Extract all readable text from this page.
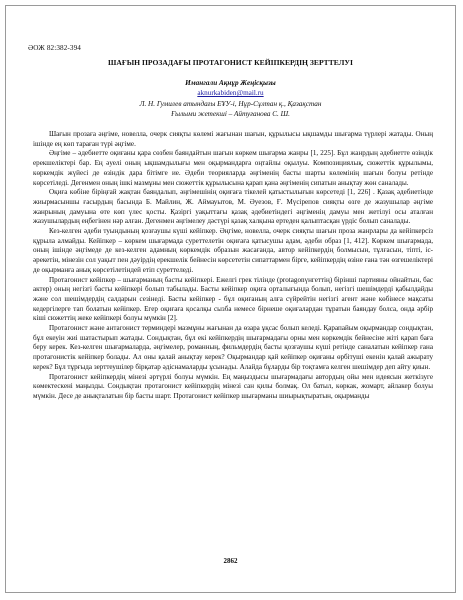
ӘОЖ 82:382-394
ШАҒЫН ПРОЗАДАҒЫ ПРОТАГОНИСТ КЕЙІПКЕРДІҢ ЗЕРТТЕЛУІ
Имангали Ақнұр Жеңісқызы
aknurkabiden@mail.ru
Л. Н. Гумилев атындағы ЕҰУ-і, Нұр-Сұлтан қ., Қазақстан
Ғылыми жетекші – Айтуғанова С. Ш.

Шағын прозаға әңгіме, новелла, очерк сияқты көлемі жағынан шағын, құрылысы ықшамды шығарма түрлері жатады. Оның ішінде ең көп тараған түрі әңгіме.

Әңгіме – әдебиетте оқиғаны қара сөзбен баяндайтын шағын көркем шығарма жанры [1, 225]. Бұл жанрдың әдебиетте өзіндік ерекшеліктері бар. Ең әуелі оның ықшамдылығы мен оқырмандарға оңтайлы оқылуы. Композициялық, сюжеттік құрылымы, көркемдік жүйесі де өзіндік дара бітімге ие. Әдеби теорияларда әңгіменің басты шарты көлемінің шағын болуы ретінде көрсетіледі. Дегенмен оның ішкі мазмұны мен сюжеттік құрылысына қарап қана әңгіменің сипатын анықтау жөн саналады.

Оқиға көбіне біріңғай жақтан баяндалып, әңгімешінің оқиғаға тікелей қатыстылығын көрсетеді [1, 226] . Қазақ әдебиетінде жиырмасыншы ғасырдың басында Б. Майлин, Ж. Аймауытов, М. Әуезов, Ғ. Мүсірепов сияқты өзге де жазушылар әңгіме жанрының дамуына өте көп үлес қосты. Қазіргі уақыттағы қазақ әдебиетіндегі әңгіменің дамуы мен жетілуі осы аталған жазушылардың еңбегінен нәр алған. Дегенмен әңгімелеу дәстүрі қазақ халқына ертеден қалыптасқан үрдіс болып саналады.

Кез-келген әдеби туындының қозғаушы күші кейіпкер. Әңгіме, новелла, очерк сияқты шағын проза жанрлары да кейіпкерсіз құрыла алмайды. Кейіпкер – көркем шығармада суреттелетін оқиғаға қатысушы адам, әдеби образ [1, 412]. Көркем шығармада, оның ішінде әңгімеде де кез-келген адамның көркемдік образын жасағанда, автор кейіпкердің болмысын, тұлғасын, тіпті, іс-әрекетін, мінезін сол уақыт пен дәуірдің ерекшелік бейнесін көрсететін сипаттармен бірге, кейіпкердің өзіне ғана тән өзгешеліктері де оқырманға анық көрсетілетіндей етіп суреттеледі.

Протагонист кейіпкер – шығарманың басты кейіпкері. Ежелгі грек тілінде (protagonүнгеттің) бірінші партияны ойнайтын, бас актер) оның негізгі басты кейіпкері болып табылады. Басты кейіпкер оқиға орталығында болып, негізгі шешімдерді қабылдайды және сол шешімдердің салдарын сезінеді. Басты кейіпкер - бұл оқиғаның алға сүйрейтін негізгі агент және көбінесе мақсаты кедергілерге тап болатын кейіпкер. Егер оқиғаға қосалқы сызба немесе бірнеше оқиғалардан тұратын баяндау болса, онда әрбір кіші сюжеттің жеке кейіпкері болуы мүмкін [2].

Протагонист және антагонист терминдері мазмұны жағынан да өзара ұқсас болып келеді. Қарапайым оқырмандар сондықтан, бұл екеуін жиі шатастырып жатады. Сондықтан, бұл екі кейіпкердің шығармадағы орны мен көркемдік бейнесіне жіті қарап баға беру керек. Кез-келген шығармаларда, әңгімелер, романның, фильмдердің басты қозғаушы күші ретінде саналатын кейіпкер ғана протагонистік кейіпкер болады. Ал оны қалай анықтау керек? Оқырмандар қай кейіпкер оқиғаны өрбітуші екенін қалай ажырату керек? Бұл тұрғыда зерттеушілер бірқатар әдіснамаларды ұсынады. Алайда бұларды бір тоқтамға келген шешімдер деп айту қиын.

Протагонист кейіпкердің мінезі әртүрлі болуы мүмкін. Ең маңыздысы шығармадағы автордың ойы мен идеясын жеткізуге көмектескені маңызды. Сондықтан протагонист кейіпкердің мінезі сан қилы болмақ. Ол батыл, көркак, жомарт, айлакер болуы мүмкін. Десе де анықталатын бір басты шарт. Протагонист кейіпкер шығарманы шиырықтыратын, оқырманды

2862
